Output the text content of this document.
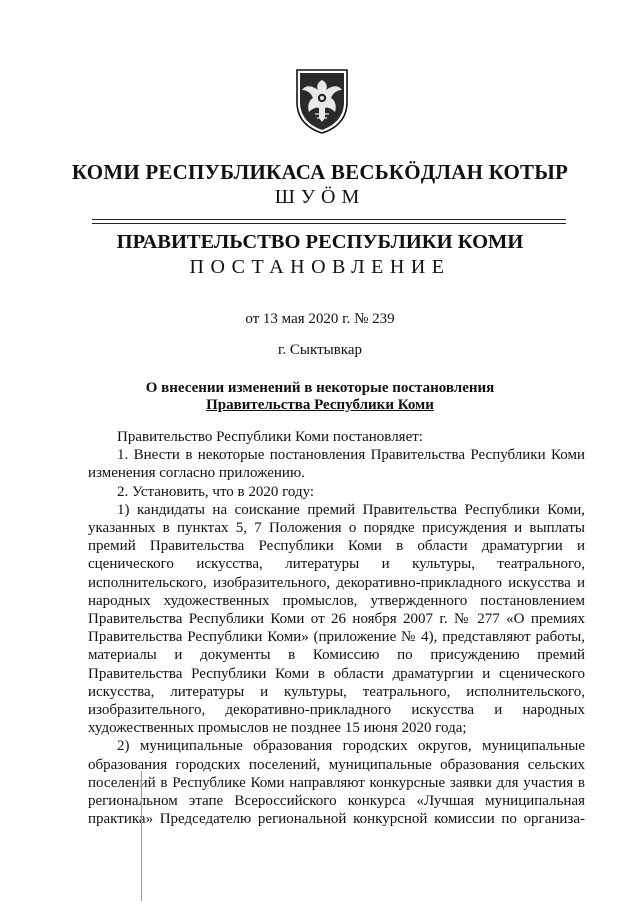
КОМИ РЕСПУБЛИКАСА ВЕСЬКӦДЛАН КОТЫР
ШУӦМ
ПРАВИТЕЛЬСТВО РЕСПУБЛИКИ КОМИ
ПОСТАНОВЛЕНИЕ
от 13 мая 2020 г. № 239
г. Сыктывкар
О внесении изменений в некоторые постановления
Правительства Республики Коми

Правительство Республики Коми постановляет:

1. Внести в некоторые постановления Правительства Республики Коми изменения согласно приложению.

2. Установить, что в 2020 году:

1) кандидаты на соискание премий Правительства Республики Коми, указанных в пунктах 5, 7 Положения о порядке присуждения и выплаты премий Правительства Республики Коми в области драматургии и сценического искусства, литературы и культуры, театрального, исполнительского, изобразительного, декоративно-прикладного искусства и народных художественных промыслов, утвержденного постановлением Правительства Республики Коми от 26 ноября 2007 г. № 277 «О премиях Правительства Республики Коми» (приложение № 4), представляют работы, материалы и документы в Комиссию по присуждению премий Правительства Республики Коми в области драматургии и сценического искусства, литературы и культуры, театрального, исполнительского, изобразительного, декоративно-прикладного искусства и народных художественных промыслов не позднее 15 июня 2020 года;

2) муниципальные образования городских округов, муниципальные образования городских поселений, муниципальные образования сельских поселений в Республике Коми направляют конкурсные заявки для участия в региональном этапе Всероссийского конкурса «Лучшая муниципальная практика» Председателю региональной конкурсной комиссии по организа-
